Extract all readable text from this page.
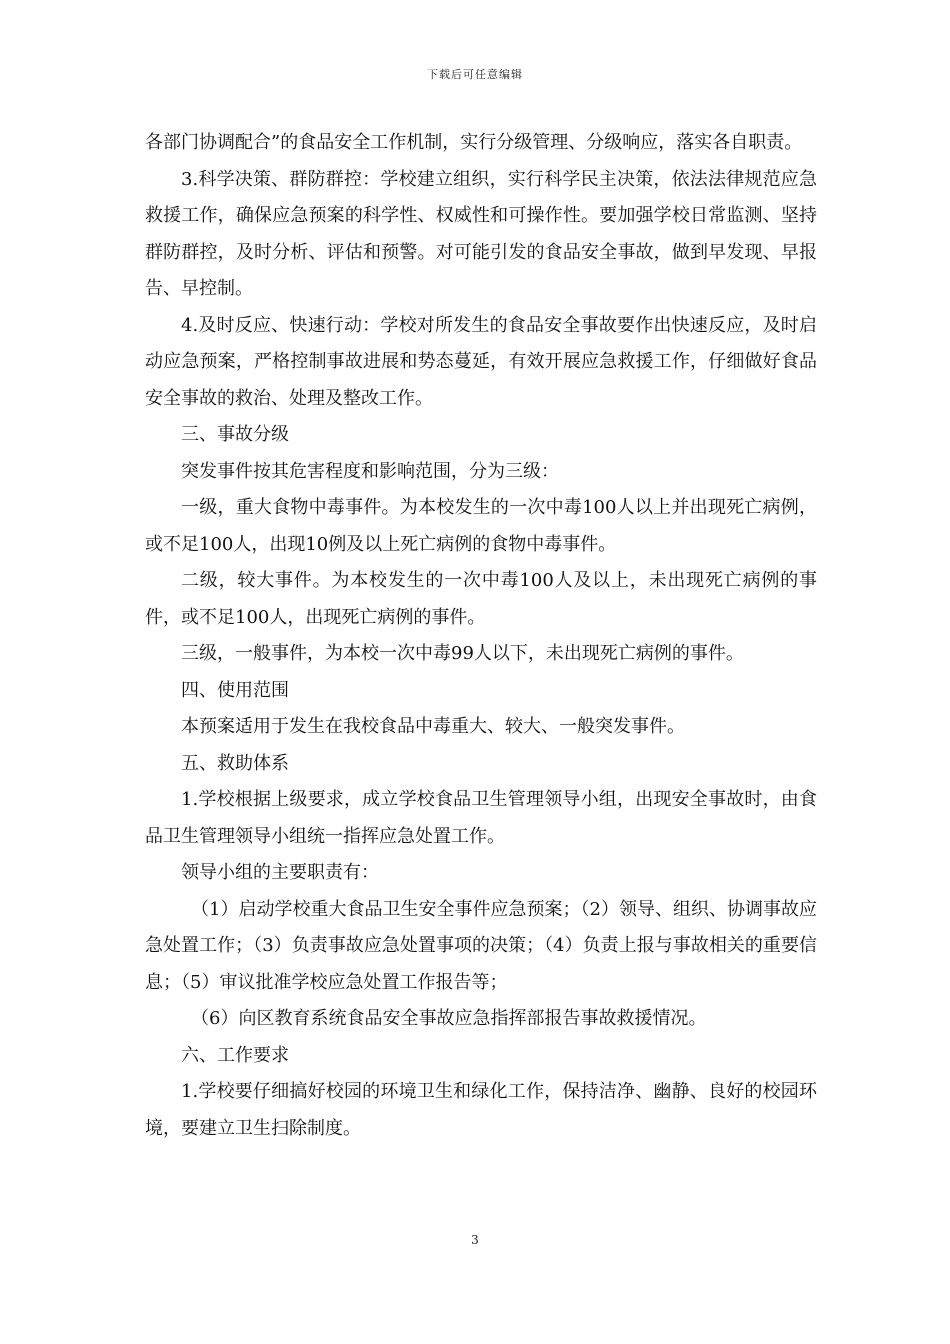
下载后可任意编辑

各部门协调配合”的食品安全工作机制，实行分级管理、分级响应，落实各自职责。

3.科学决策、群防群控：学校建立组织，实行科学民主决策，依法法律规范应急救援工作，确保应急预案的科学性、权威性和可操作性。要加强学校日常监测、坚持群防群控，及时分析、评估和预警。对可能引发的食品安全事故，做到早发现、早报告、早控制。

4.及时反应、快速行动：学校对所发生的食品安全事故要作出快速反应，及时启动应急预案，严格控制事故进展和势态蔓延，有效开展应急救援工作，仔细做好食品安全事故的救治、处理及整改工作。

三、事故分级

突发事件按其危害程度和影响范围，分为三级：

一级，重大食物中毒事件。为本校发生的一次中毒100人以上并出现死亡病例，或不足100人，出现10例及以上死亡病例的食物中毒事件。

二级，较大事件。为本校发生的一次中毒100人及以上，未出现死亡病例的事件，或不足100人，出现死亡病例的事件。

三级，一般事件，为本校一次中毒99人以下，未出现死亡病例的事件。

四、使用范围

本预案适用于发生在我校食品中毒重大、较大、一般突发事件。

五、救助体系

1.学校根据上级要求，成立学校食品卫生管理领导小组，出现安全事故时，由食品卫生管理领导小组统一指挥应急处置工作。

领导小组的主要职责有：

（1）启动学校重大食品卫生安全事件应急预案；（2）领导、组织、协调事故应急处置工作；（3）负责事故应急处置事项的决策；（4）负责上报与事故相关的重要信息；（5）审议批准学校应急处置工作报告等；

（6）向区教育系统食品安全事故应急指挥部报告事故救援情况。

六、工作要求

1.学校要仔细搞好校园的环境卫生和绿化工作，保持洁净、幽静、良好的校园环境，要建立卫生扫除制度。

3
